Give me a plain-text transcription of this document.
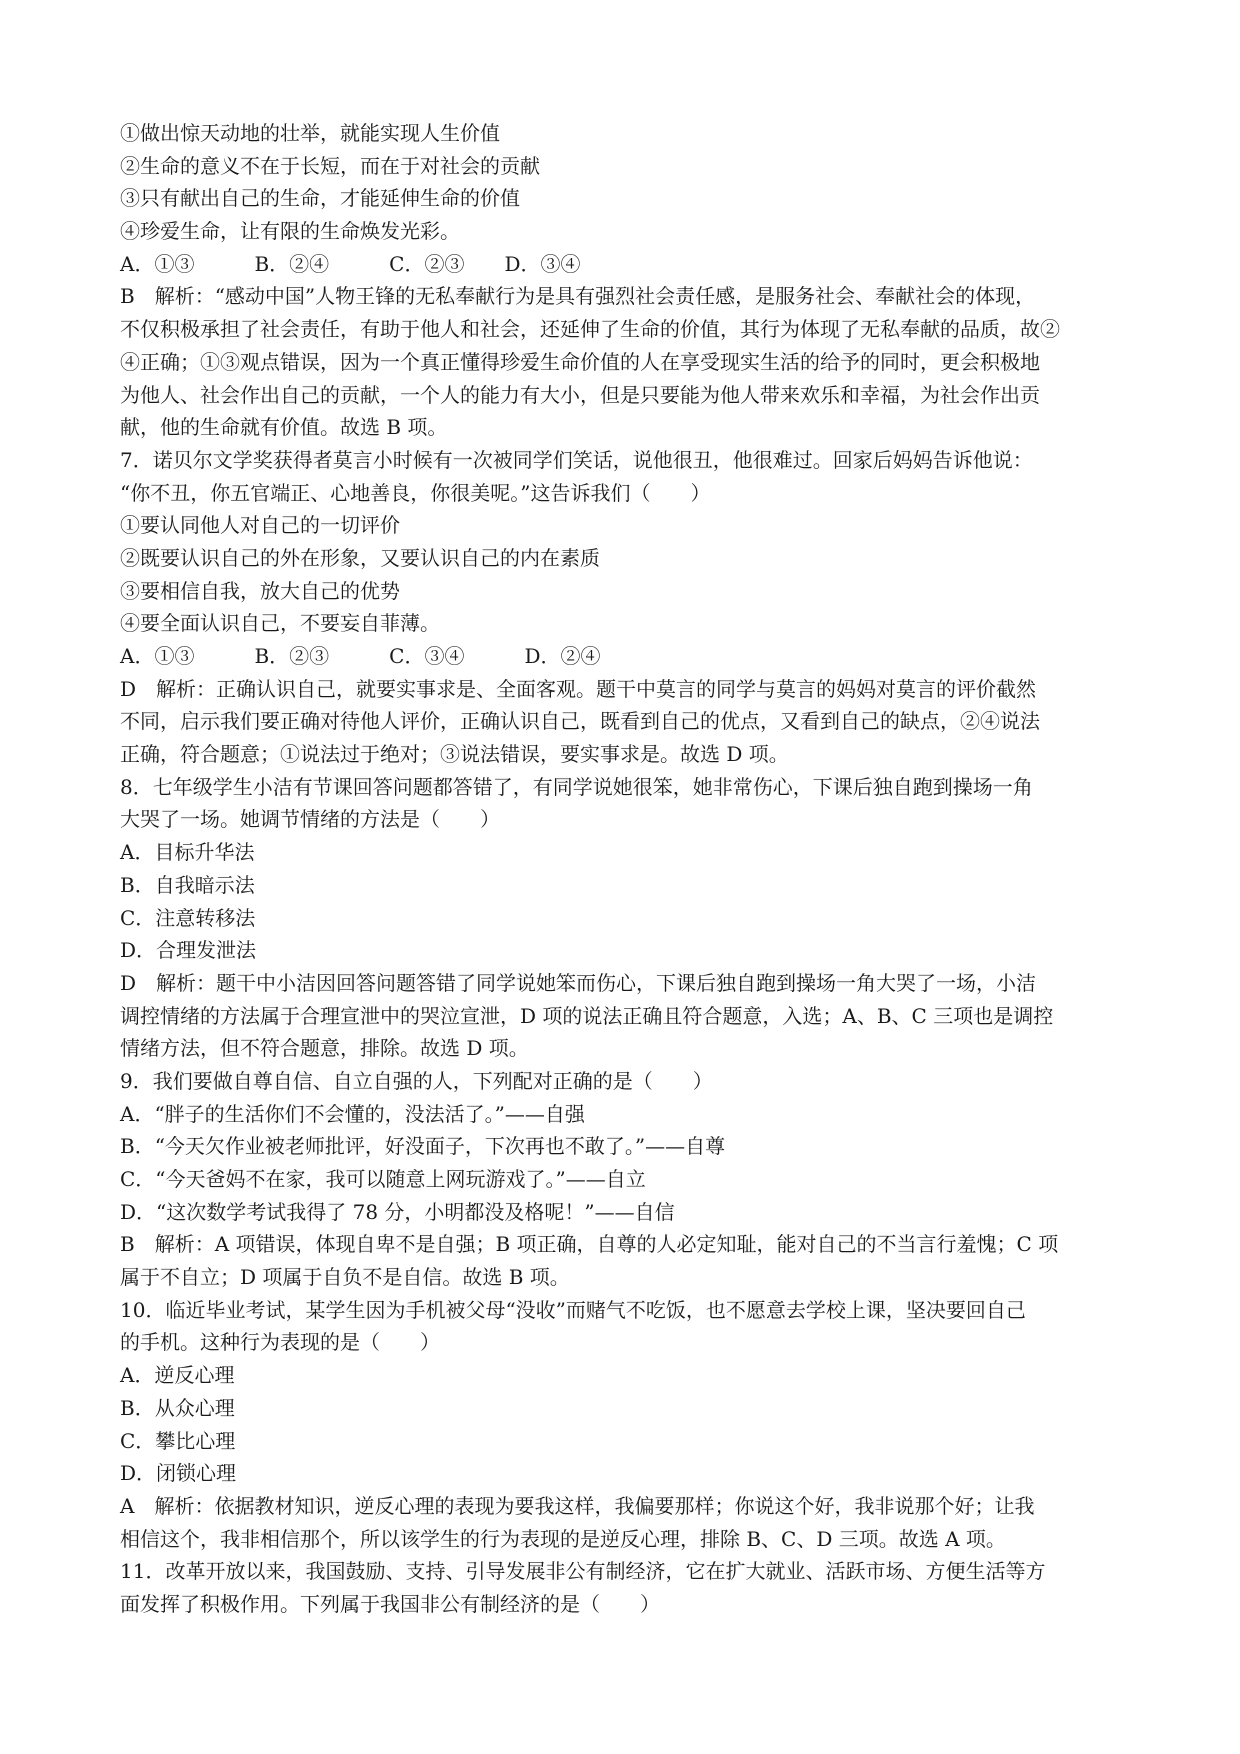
①做出惊天动地的壮举，就能实现人生价值
②生命的意义不在于长短，而在于对社会的贡献
③只有献出自己的生命，才能延伸生命的价值
④珍爱生命，让有限的生命焕发光彩。
A．①③　　　B．②④　　　C．②③　　D．③④
B　解析：“感动中国”人物王锋的无私奉献行为是具有强烈社会责任感，是服务社会、奉献社会的体现，
不仅积极承担了社会责任，有助于他人和社会，还延伸了生命的价值，其行为体现了无私奉献的品质，故②
④正确；①③观点错误，因为一个真正懂得珍爱生命价值的人在享受现实生活的给予的同时，更会积极地
为他人、社会作出自己的贡献，一个人的能力有大小，但是只要能为他人带来欢乐和幸福，为社会作出贡
献，他的生命就有价值。故选 B 项。
7．诺贝尔文学奖获得者莫言小时候有一次被同学们笑话，说他很丑，他很难过。回家后妈妈告诉他说：
“你不丑，你五官端正、心地善良，你很美呢。”这告诉我们（　　）
①要认同他人对自己的一切评价
②既要认识自己的外在形象，又要认识自己的内在素质
③要相信自我，放大自己的优势
④要全面认识自己，不要妄自菲薄。
A．①③　　　B．②③　　　C．③④　　　D．②④
D　解析：正确认识自己，就要实事求是、全面客观。题干中莫言的同学与莫言的妈妈对莫言的评价截然
不同，启示我们要正确对待他人评价，正确认识自己，既看到自己的优点，又看到自己的缺点，②④说法
正确，符合题意；①说法过于绝对；③说法错误，要实事求是。故选 D 项。
8．七年级学生小洁有节课回答问题都答错了，有同学说她很笨，她非常伤心，下课后独自跑到操场一角
大哭了一场。她调节情绪的方法是（　　）
A．目标升华法
B．自我暗示法
C．注意转移法
D．合理发泄法
D　解析：题干中小洁因回答问题答错了同学说她笨而伤心，下课后独自跑到操场一角大哭了一场，小洁
调控情绪的方法属于合理宣泄中的哭泣宣泄，D 项的说法正确且符合题意，入选；A、B、C 三项也是调控
情绪方法，但不符合题意，排除。故选 D 项。
9．我们要做自尊自信、自立自强的人，下列配对正确的是（　　）
A．“胖子的生活你们不会懂的，没法活了。”——自强
B．“今天欠作业被老师批评，好没面子，下次再也不敢了。”——自尊
C．“今天爸妈不在家，我可以随意上网玩游戏了。”——自立
D．“这次数学考试我得了 78 分，小明都没及格呢！”——自信
B　解析：A 项错误，体现自卑不是自强；B 项正确，自尊的人必定知耻，能对自己的不当言行羞愧；C 项
属于不自立；D 项属于自负不是自信。故选 B 项。
10．临近毕业考试，某学生因为手机被父母“没收”而赌气不吃饭，也不愿意去学校上课，坚决要回自己
的手机。这种行为表现的是（　　）
A．逆反心理
B．从众心理
C．攀比心理
D．闭锁心理
A　解析：依据教材知识，逆反心理的表现为要我这样，我偏要那样；你说这个好，我非说那个好；让我
相信这个，我非相信那个，所以该学生的行为表现的是逆反心理，排除 B、C、D 三项。故选 A 项。
11．改革开放以来，我国鼓励、支持、引导发展非公有制经济，它在扩大就业、活跃市场、方便生活等方
面发挥了积极作用。下列属于我国非公有制经济的是（　　）
